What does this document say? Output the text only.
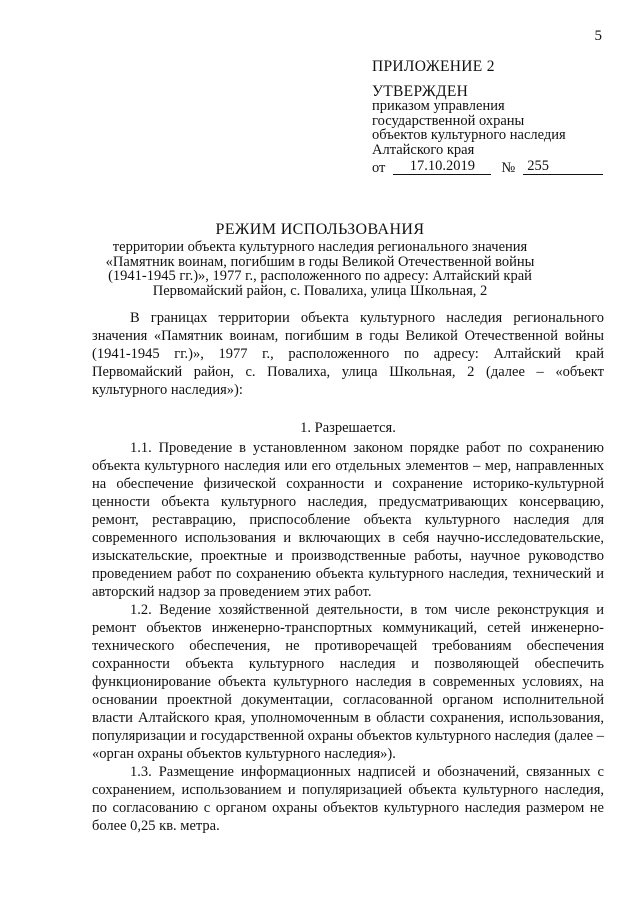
5
ПРИЛОЖЕНИЕ 2
УТВЕРЖДЕН
приказом управления
государственной охраны
объектов культурного наследия
Алтайского края
от	17.10.2019	№ 255
РЕЖИМ ИСПОЛЬЗОВАНИЯ
территории объекта культурного наследия регионального значения
«Памятник воинам, погибшим в годы Великой Отечественной войны
(1941-1945 гг.)», 1977 г., расположенного по адресу: Алтайский край
Первомайский район, с. Повалиха, улица Школьная, 2

В границах территории объекта культурного наследия регионального значения «Памятник воинам, погибшим в годы Великой Отечественной войны (1941-1945 гг.)», 1977 г., расположенного по адресу: Алтайский край Первомайский район, с. Повалиха, улица Школьная, 2 (далее – «объект культурного наследия»):

1. Разрешается.

1.1. Проведение в установленном законом порядке работ по сохранению объекта культурного наследия или его отдельных элементов – мер, направленных на обеспечение физической сохранности и сохранение историко-культурной ценности объекта культурного наследия, предусматривающих консервацию, ремонт, реставрацию, приспособление объекта культурного наследия для современного использования и включающих в себя научно-исследовательские, изыскательские, проектные и производственные работы, научное руководство проведением работ по сохранению объекта культурного наследия, технический и авторский надзор за проведением этих работ.

1.2. Ведение хозяйственной деятельности, в том числе реконструкция и ремонт объектов инженерно-транспортных коммуникаций, сетей инженерно-технического обеспечения, не противоречащей требованиям обеспечения сохранности объекта культурного наследия и позволяющей обеспечить функционирование объекта культурного наследия в современных условиях, на основании проектной документации, согласованной органом исполнительной власти Алтайского края, уполномоченным в области сохранения, использования, популяризации и государственной охраны объектов культурного наследия (далее – «орган охраны объектов культурного наследия»).

1.3. Размещение информационных надписей и обозначений, связанных с сохранением, использованием и популяризацией объекта культурного наследия, по согласованию с органом охраны объектов культурного наследия размером не более 0,25 кв. метра.
